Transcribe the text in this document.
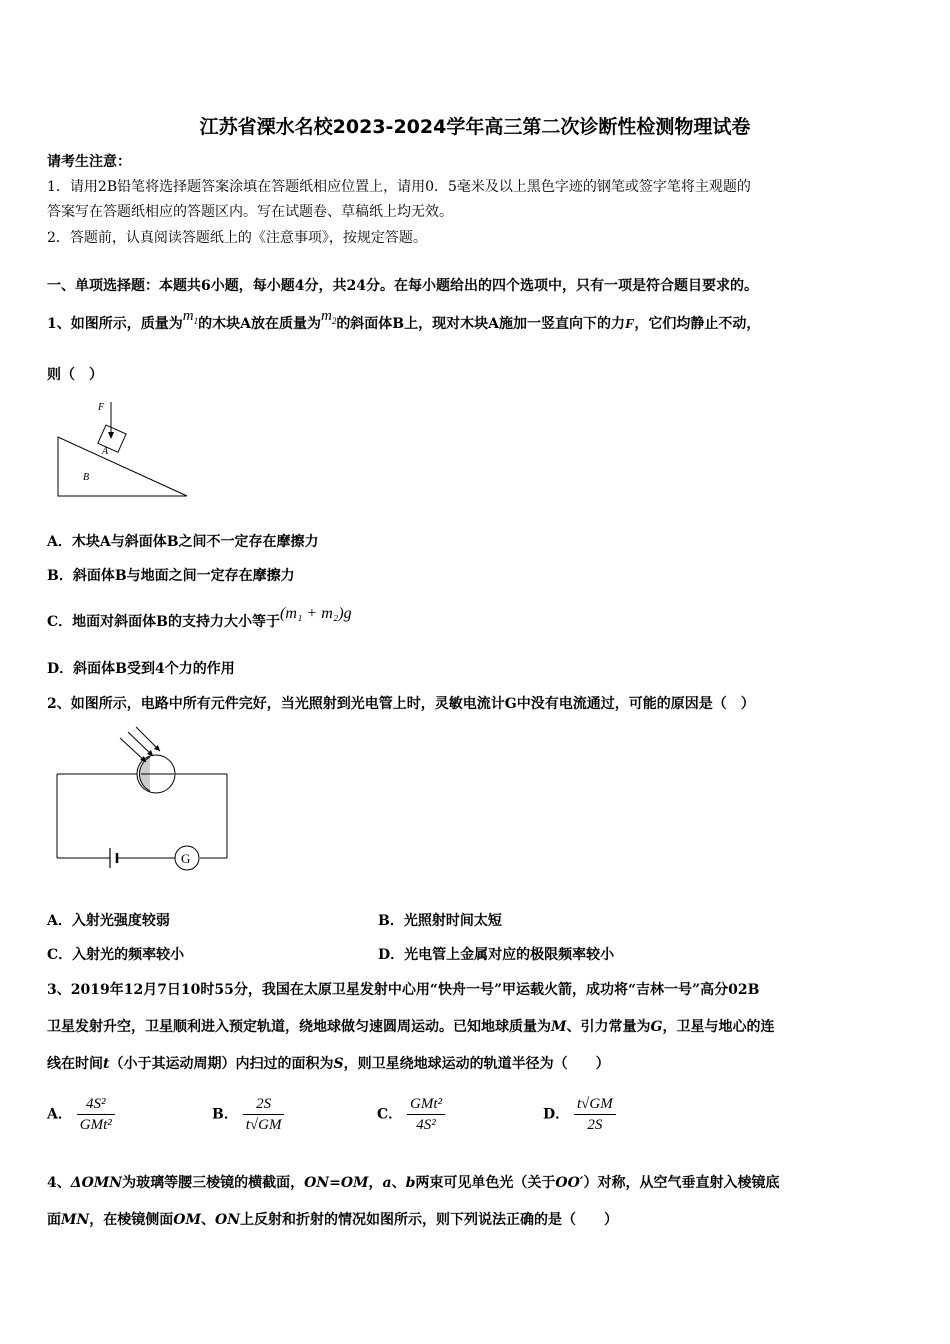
江苏省溧水名校2023-2024学年高三第二次诊断性检测物理试卷
请考生注意：
1．请用2B铅笔将选择题答案涂填在答题纸相应位置上，请用0．5毫米及以上黑色字迹的钢笔或签字笔将主观题的
答案写在答题纸相应的答题区内。写在试题卷、草稿纸上均无效。
2．答题前，认真阅读答题纸上的《注意事项》，按规定答题。
一、单项选择题：本题共6小题，每小题4分，共24分。在每小题给出的四个选项中，只有一项是符合题目要求的。
1、如图所示，质量为$m_1$的木块A放在质量为$m_2$的斜面体B上，现对木块A施加一竖直向下的力F，它们均静止不动，
则（　）
F
A
B
A．木块A与斜面体B之间不一定存在摩擦力
B．斜面体B与地面之间一定存在摩擦力
C．地面对斜面体B的支持力大小等于(m₁ + m₂)g
D．斜面体B受到4个力的作用
2、如图所示，电路中所有元件完好，当光照射到光电管上时，灵敏电流计G中没有电流通过，可能的原因是（　）
G
A．入射光强度较弱	B．光照射时间太短
C．入射光的频率较小	D．光电管上金属对应的极限频率较小
3、2019年12月7日10时55分，我国在太原卫星发射中心用“快舟一号”甲运载火箭，成功将“吉林一号”高分02B
卫星发射升空，卫星顺利进入预定轨道，绕地球做匀速圆周运动。已知地球质量为M、引力常量为G，卫星与地心的连
线在时间t（小于其运动周期）内扫过的面积为S，则卫星绕地球运动的轨道半径为（　　）
A． $\frac{\text{4S²}}{\text{GMt²}}$	B． $\frac{2S}{t√GM}$	C． $\frac{\text{GMt²}}{\text{4S²}}$	D． $\frac{t√GM}{2S}$
4、ΔOMN为玻璃等腰三棱镜的横截面，ON=OM，a、b两束可见单色光（关于OO′）对称，从空气垂直射入棱镜底
面MN，在棱镜侧面OM、ON上反射和折射的情况如图所示，则下列说法正确的是（　　）
